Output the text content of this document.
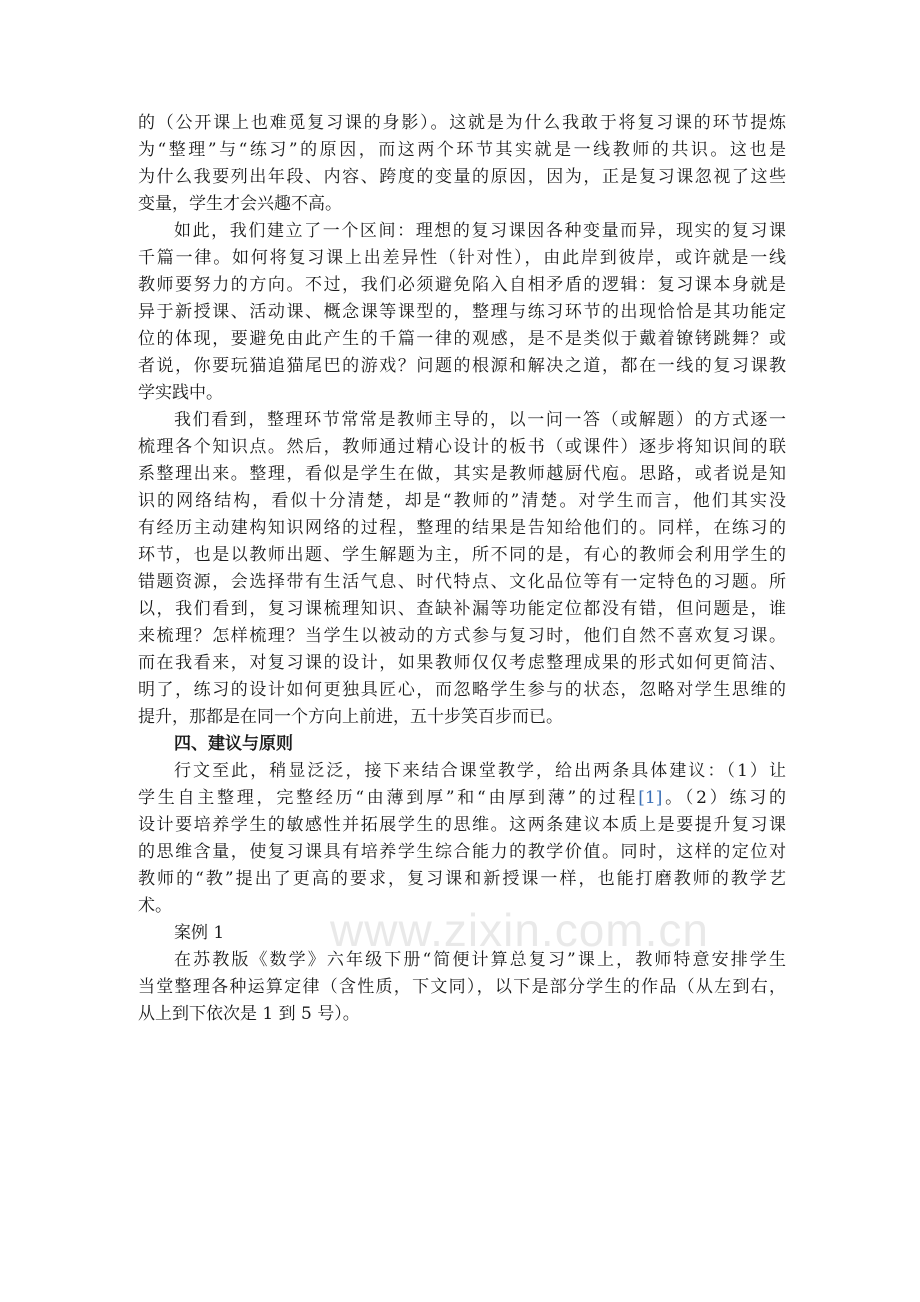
www.zixin.com.cn
的（公开课上也难觅复习课的身影）。这就是为什么我敢于将复习课的环节提炼
为“整理”与“练习”的原因，而这两个环节其实就是一线教师的共识。这也是
为什么我要列出年段、内容、跨度的变量的原因，因为，正是复习课忽视了这些
变量，学生才会兴趣不高。
如此，我们建立了一个区间：理想的复习课因各种变量而异，现实的复习课
千篇一律。如何将复习课上出差异性（针对性），由此岸到彼岸，或许就是一线
教师要努力的方向。不过，我们必须避免陷入自相矛盾的逻辑：复习课本身就是
异于新授课、活动课、概念课等课型的，整理与练习环节的出现恰恰是其功能定
位的体现，要避免由此产生的千篇一律的观感，是不是类似于戴着镣铐跳舞？或
者说，你要玩猫追猫尾巴的游戏？问题的根源和解决之道，都在一线的复习课教
学实践中。
我们看到，整理环节常常是教师主导的，以一问一答（或解题）的方式逐一
梳理各个知识点。然后，教师通过精心设计的板书（或课件）逐步将知识间的联
系整理出来。整理，看似是学生在做，其实是教师越厨代庖。思路，或者说是知
识的网络结构，看似十分清楚，却是“教师的”清楚。对学生而言，他们其实没
有经历主动建构知识网络的过程，整理的结果是告知给他们的。同样，在练习的
环节，也是以教师出题、学生解题为主，所不同的是，有心的教师会利用学生的
错题资源，会选择带有生活气息、时代特点、文化品位等有一定特色的习题。所
以，我们看到，复习课梳理知识、查缺补漏等功能定位都没有错，但问题是，谁
来梳理？怎样梳理？当学生以被动的方式参与复习时，他们自然不喜欢复习课。
而在我看来，对复习课的设计，如果教师仅仅考虑整理成果的形式如何更简洁、
明了，练习的设计如何更独具匠心，而忽略学生参与的状态，忽略对学生思维的
提升，那都是在同一个方向上前进，五十步笑百步而已。
四、建议与原则
行文至此，稍显泛泛，接下来结合课堂教学，给出两条具体建议：（1）让
学生自主整理，完整经历“由薄到厚”和“由厚到薄”的过程[1]。（2）练习的
设计要培养学生的敏感性并拓展学生的思维。这两条建议本质上是要提升复习课
的思维含量，使复习课具有培养学生综合能力的教学价值。同时，这样的定位对
教师的“教”提出了更高的要求，复习课和新授课一样，也能打磨教师的教学艺
术。
案例 1
在苏教版《数学》六年级下册“简便计算总复习”课上，教师特意安排学生
当堂整理各种运算定律（含性质，下文同），以下是部分学生的作品（从左到右，
从上到下依次是 1 到 5 号）。
